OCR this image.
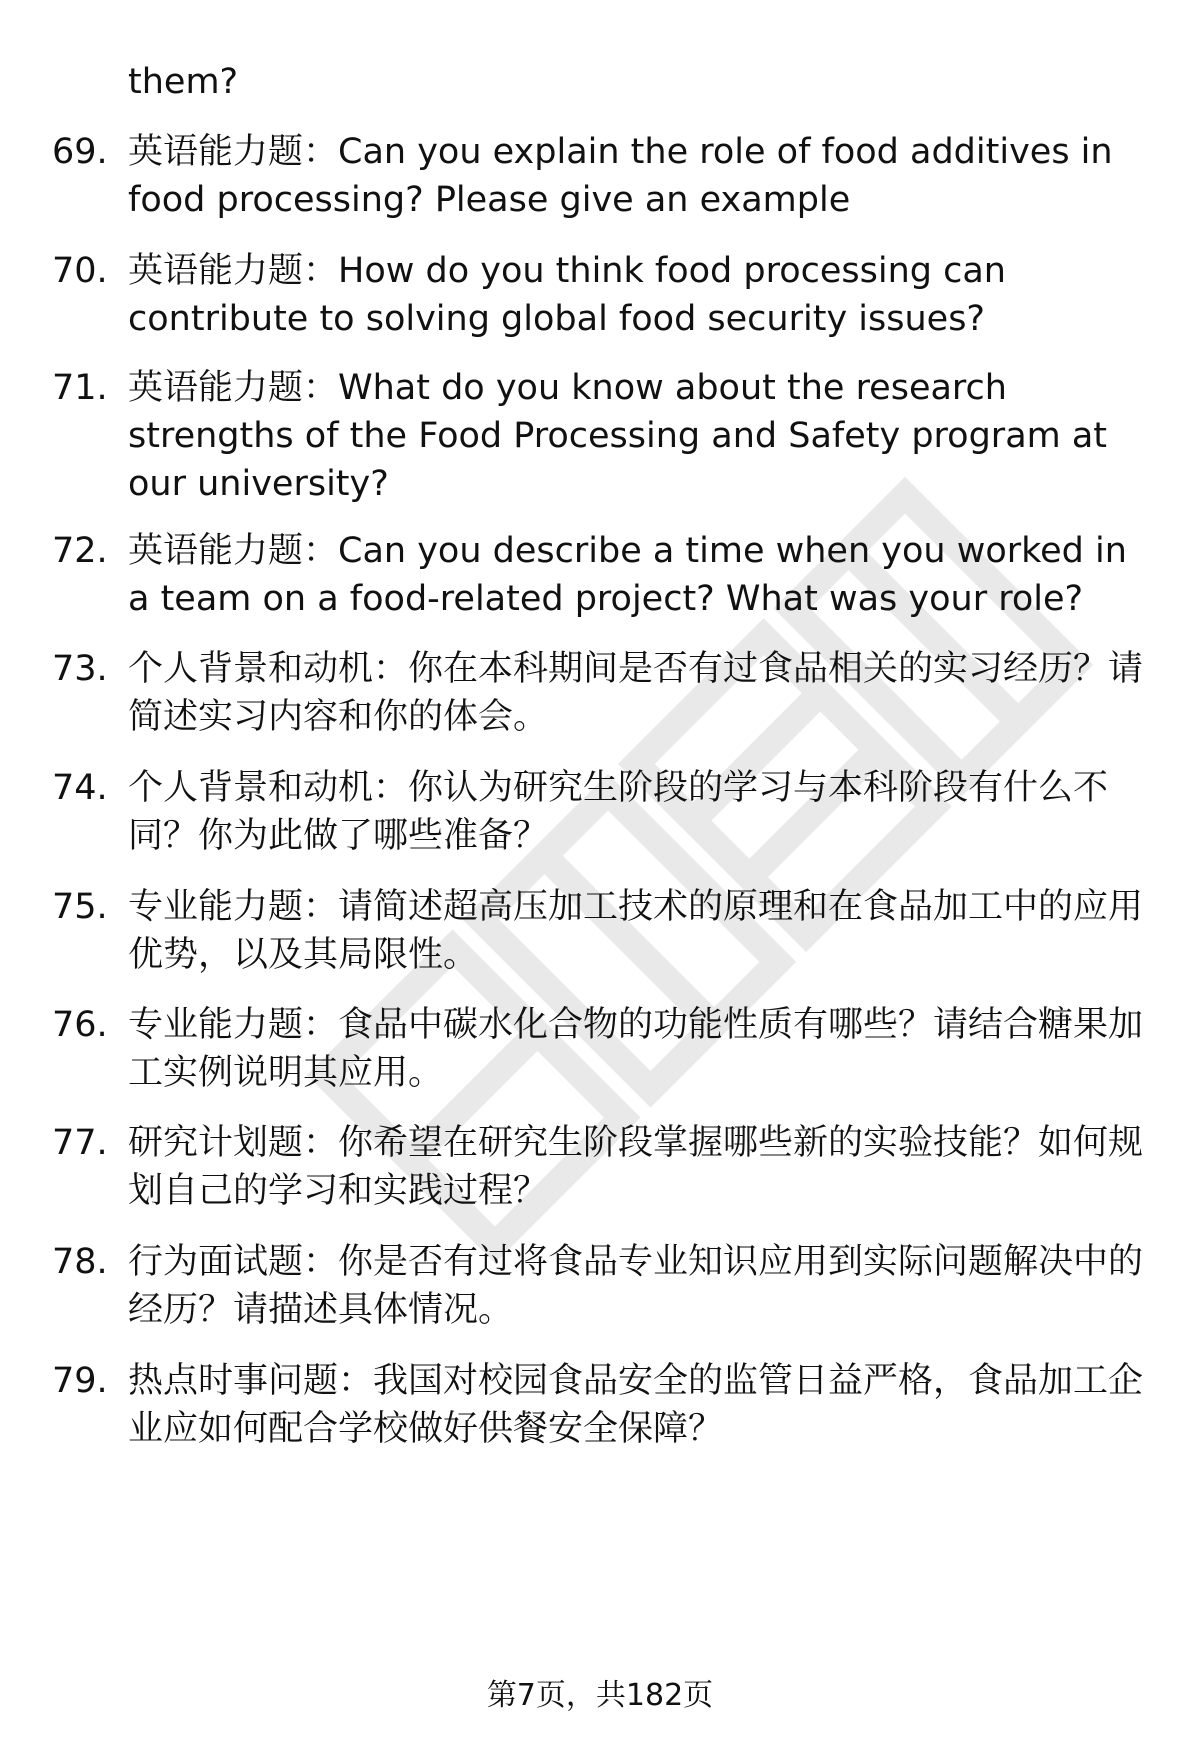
them?

69. 英语能力题：Can you explain the role of food additives in food processing? Please give an example
70. 英语能力题：How do you think food processing can contribute to solving global food security issues?
71. 英语能力题：What do you know about the research strengths of the Food Processing and Safety program at our university?
72. 英语能力题：Can you describe a time when you worked in a team on a food-related project? What was your role?
73. 个人背景和动机：你在本科期间是否有过食品相关的实习经历？请简述实习内容和你的体会。
74. 个人背景和动机：你认为研究生阶段的学习与本科阶段有什么不同？你为此做了哪些准备？
75. 专业能力题：请简述超高压加工技术的原理和在食品加工中的应用优势，以及其局限性。
76. 专业能力题：食品中碳水化合物的功能性质有哪些？请结合糖果加工实例说明其应用。
77. 研究计划题：你希望在研究生阶段掌握哪些新的实验技能？如何规划自己的学习和实践过程？
78. 行为面试题：你是否有过将食品专业知识应用到实际问题解决中的经历？请描述具体情况。
79. 热点时事问题：我国对校园食品安全的监管日益严格，食品加工企业应如何配合学校做好供餐安全保障？
第7页，共182页
